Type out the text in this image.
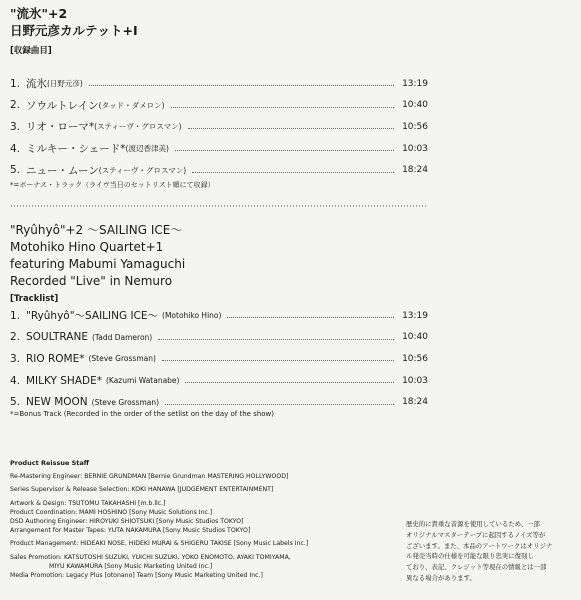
"流氷"+2
日野元彦カルテット+Ⅰ
[収録曲目]
1. 流氷 (日野元彦)	13:19
2. ソウルトレイン (タッド・ダメロン)	10:40
3. リオ・ローマ* (スティーヴ・グロスマン)	10:56
4. ミルキー・シェード* (渡辺香津美)	10:03
5. ニュー・ムーン (スティーヴ・グロスマン)	18:24
*=ボーナス・トラック（ライヴ当日のセットリスト順にて収録）
"Ryûhyô"+2 〜SAILING ICE〜
Motohiko Hino Quartet+1
featuring Mabumi Yamaguchi
Recorded "Live" in Nemuro
[Tracklist]
1. "Ryûhyô"〜SAILING ICE〜 (Motohiko Hino)	13:19
2. SOULTRANE (Tadd Dameron)	10:40
3. RIO ROME* (Steve Grossman)	10:56
4. MILKY SHADE* (Kazumi Watanabe)	10:03
5. NEW MOON (Steve Grossman)	18:24
*=Bonus Track (Recorded in the order of the setlist on the day of the show)
Product Reissue Staff
Re-Mastering Engineer: BERNIE GRUNDMAN [Bernie Grundman MASTERING HOLLYWOOD]
Series Supervisor & Release Selection: KOKI HANAWA [JUDGEMENT ENTERTAINMENT]
Artwork & Design: TSUTOMU TAKAHASHI [m.b.llc.]
Product Coordination: MAMI HOSHINO [Sony Music Solutions Inc.]
DSD Authoring Engineer: HIROYUKI SHIOTSUKI [Sony Music Studios TOKYO]
Arrangement for Master Tapes: YUTA NAKAMURA [Sony Music Studios TOKYO]
Product Management: HIDEAKI NOSE, HIDEKI MURAI & SHIGERU TAKISE [Sony Music Labels Inc.]
Sales Promotion: KATSUTOSHI SUZUKI, YUICHI SUZUKI, YOKO ENOMOTO, AYAKI TOMIYAMA,
MIYU KAWAMURA [Sony Music Marketing United Inc.]
Media Promotion: Legacy Plus [otonano] Team [Sony Music Marketing United Inc.]
歴史的に貴重な音源を使用しているため、一部
オリジナルマスターテープに起因するノイズ等が
ございます。また、本品のアートワークはオリジナ
ル発売当時の仕様を可能な限り忠実に復刻し
ており、表記、クレジット等現在の情報とは一部
異なる場合があります。
